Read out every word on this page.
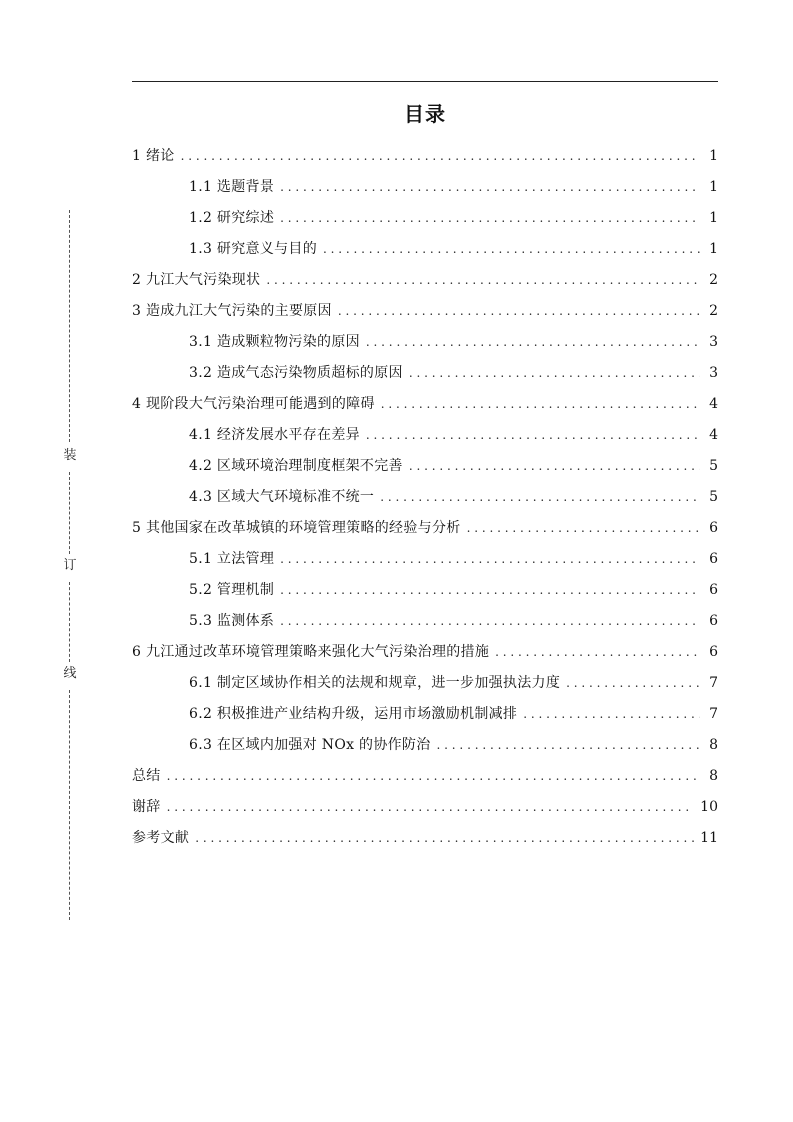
装
订
线
目录
1 绪论 . . .	1
1.1 选题背景 . . .	1
1.2 研究综述 . . .	1
1.3 研究意义与目的 . . .	1
2 九江大气污染现状 . . .	2
3 造成九江大气污染的主要原因 . . .	2
3.1 造成颗粒物污染的原因 . . .	3
3.2 造成气态污染物质超标的原因 . . .	3
4 现阶段大气污染治理可能遇到的障碍 . . .	4
4.1 经济发展水平存在差异 . . .	4
4.2 区域环境治理制度框架不完善 . . .	5
4.3 区域大气环境标准不统一 . . .	5
5 其他国家在改革城镇的环境管理策略的经验与分析 . . .	6
5.1 立法管理 . . .	6
5.2 管理机制 . . .	6
5.3 监测体系 . . .	6
6 九江通过改革环境管理策略来强化大气污染治理的措施 . . .	6
6.1 制定区域协作相关的法规和规章，进一步加强执法力度 . . .	7
6.2 积极推进产业结构升级，运用市场激励机制减排 . . .	7
6.3 在区域内加强对 NOx 的协作防治 . . .	8
总结 . . .	8
谢辞 . . .	10
参考文献 . . .	11
